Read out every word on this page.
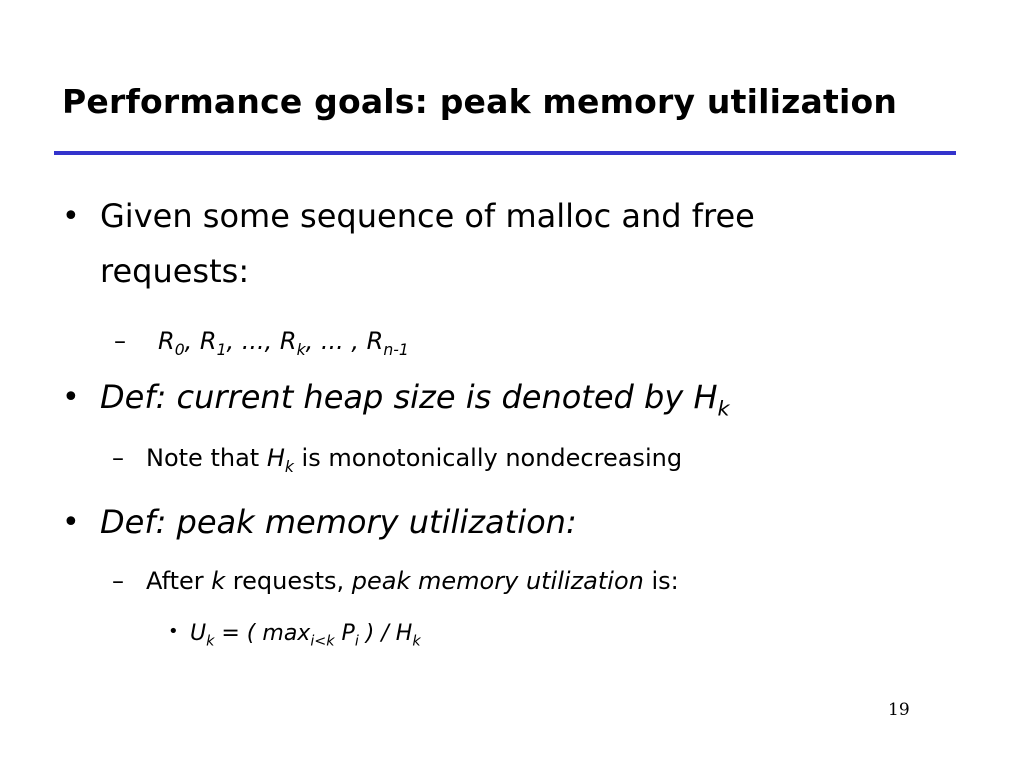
Performance goals: peak memory utilization
• Given some sequence of malloc and free requests:
– $R_0$, $R_1$, ..., $R_k$, ... , $R_{n-1}$
• Def: current heap size is denoted by $H_k$
– Note that $H_k$ is monotonically nondecreasing
• Def: peak memory utilization:
– After k requests, peak memory utilization is:
• $U_k$ = ( $\max_{i<k} P_i$ ) / $H_k$
19
